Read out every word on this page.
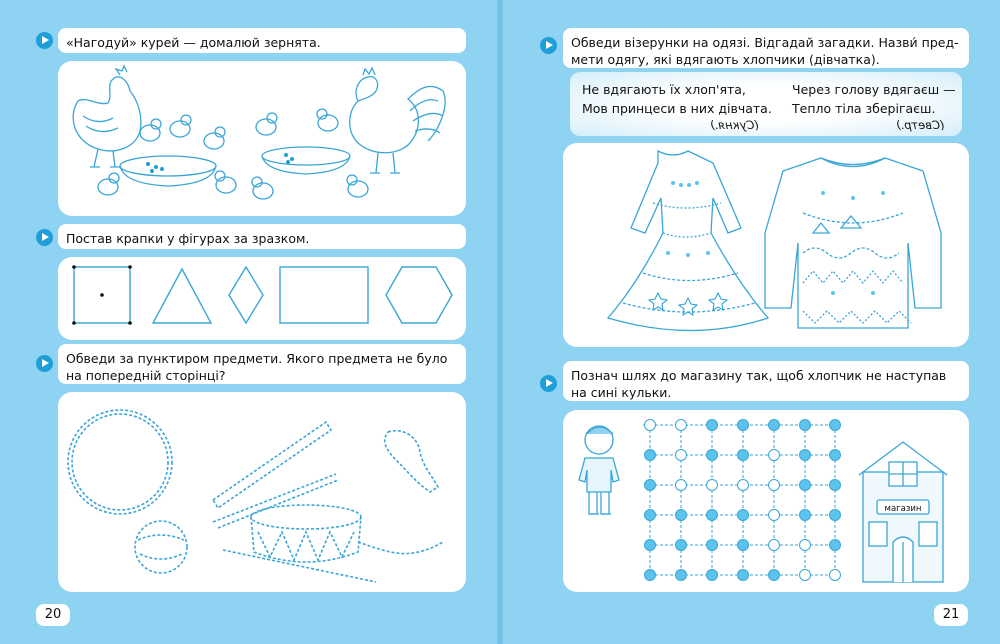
«Нагодуй» курей — домалюй зернята.
Постав крапки у фігурах за зразком.
Обведи за пунктиром предмети. Якого предмета не було
на попередній сторінці?
20
Обведи візерунки на одязі. Відгадай загадки. Назви́ пред-
мети одягу, які вдягають хлопчики (дівчатка).
Не вдягають їх хлоп'ята,
Мов принцеси в них дівчата.
(Сукня.)
Через голову вдягаєш —
Тепло тіла зберігаєш.
(Светр.)
Познач шлях до магазину так, щоб хлопчик не наступав
на сині кульки.
магазин
21
